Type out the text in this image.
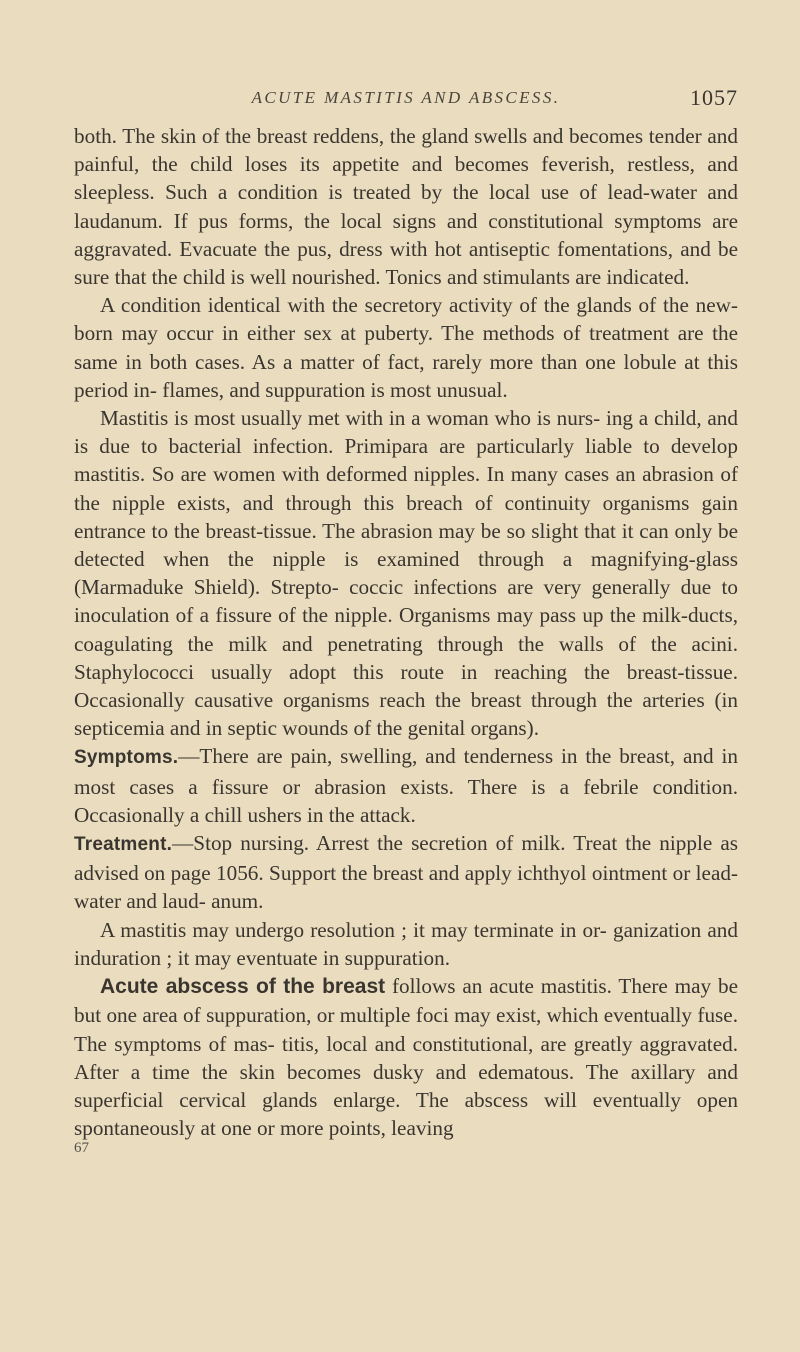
ACUTE MASTITIS AND ABSCESS.	1057

both. The skin of the breast reddens, the gland swells and becomes tender and painful, the child loses its appetite and becomes feverish, restless, and sleepless. Such a condition is treated by the local use of lead-water and laudanum. If pus forms, the local signs and constitutional symptoms are aggravated. Evacuate the pus, dress with hot antiseptic fomentations, and be sure that the child is well nourished. Tonics and stimulants are indicated.

A condition identical with the secretory activity of the glands of the new-born may occur in either sex at puberty. The methods of treatment are the same in both cases. As a matter of fact, rarely more than one lobule at this period in- flames, and suppuration is most unusual.

Mastitis is most usually met with in a woman who is nurs- ing a child, and is due to bacterial infection. Primipara are particularly liable to develop mastitis. So are women with deformed nipples. In many cases an abrasion of the nipple exists, and through this breach of continuity organisms gain entrance to the breast-tissue. The abrasion may be so slight that it can only be detected when the nipple is examined through a magnifying-glass (Marmaduke Shield). Strepto- coccic infections are very generally due to inoculation of a fissure of the nipple. Organisms may pass up the milk-ducts, coagulating the milk and penetrating through the walls of the acini. Staphylococci usually adopt this route in reaching the breast-tissue. Occasionally causative organisms reach the breast through the arteries (in septicemia and in septic wounds of the genital organs).

Symptoms.—There are pain, swelling, and tenderness in the breast, and in most cases a fissure or abrasion exists. There is a febrile condition. Occasionally a chill ushers in the attack.

Treatment.—Stop nursing. Arrest the secretion of milk. Treat the nipple as advised on page 1056. Support the breast and apply ichthyol ointment or lead-water and laud- anum.

A mastitis may undergo resolution ; it may terminate in or- ganization and induration ; it may eventuate in suppuration.

Acute abscess of the breast follows an acute mastitis. There may be but one area of suppuration, or multiple foci may exist, which eventually fuse. The symptoms of mas- titis, local and constitutional, are greatly aggravated. After a time the skin becomes dusky and edematous. The axillary and superficial cervical glands enlarge. The abscess will eventually open spontaneously at one or more points, leaving

67
